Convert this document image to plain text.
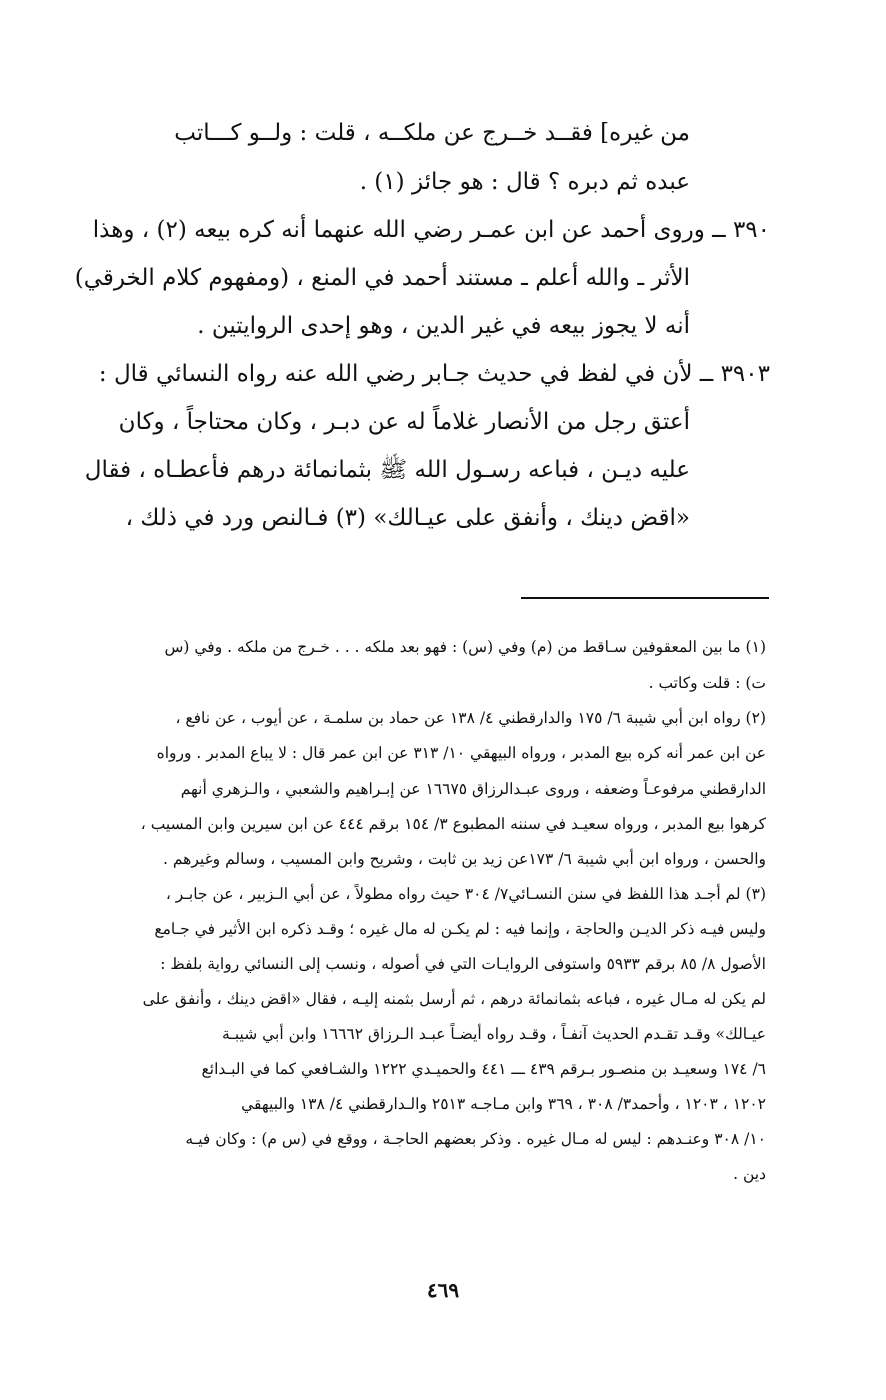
من غيره] فقــد خــرج عن ملكــه ، قلت : ولــو كـــاتب
عبده ثم دبره ؟ قال : هو جائز (١) .
٣٩٠ ــ وروى أحمد عن ابن عمـر رضي الله عنهما أنه كره بيعه (٢) ، وهذا
الأثر ـ والله أعلم ـ مستند أحمد في المنع ، (ومفهوم كلام الخرقي)
أنه لا يجوز بيعه في غير الدين ، وهو إحدى الروايتين .
٣٩٠٣ ــ لأن في لفظ في حديث جـابر رضي الله عنه رواه النسائي قال :
أعتق رجل من الأنصار غلاماً له عن دبـر ، وكان محتاجاً ، وكان
عليه ديـن ، فباعه رسـول الله ﷺ بثمانمائة درهم فأعطـاه ، فقال
«اقض دينك ، وأنفق على عيـالك» (٣) فـالنص ورد في ذلك ،
(١) ما بين المعقوفين سـاقط من (م) وفي (س) : فهو بعد ملكه . . . خـرج من ملكه . وفي (س
ت) : قلت وكاتب .
(٢) رواه ابن أبي شيبة ٦/ ١٧٥ والدارقطني ٤/ ١٣٨ عن حماد بن سلمـة ، عن أيوب ، عن نافع ،
عن ابن عمر أنه كره بيع المدبر ، ورواه البيهقي ١٠/ ٣١٣ عن ابن عمر قال : لا يباع المدبر . ورواه
الدارقطني مرفوعـاً وضعفه ، وروى عبـدالرزاق ١٦٦٧٥ عن إبـراهيم والشعبي ، والـزهري أنهم
كرهوا بيع المدبر ، ورواه سعيـد في سننه المطبوع ٣/ ١٥٤ برقم ٤٤٤ عن ابن سيرين وابن المسيب ،
والحسن ، ورواه ابن أبي شيبة ٦/ ١٧٣عن زيد بن ثابت ، وشريح وابن المسيب ، وسالم وغيرهم .
(٣) لم أجـد هذا اللفظ في سنن النسـائي٧/ ٣٠٤ حيث رواه مطولاً ، عن أبي الـزبير ، عن جابـر ،
وليس فيـه ذكر الديـن والحاجة ، وإنما فيه : لم يكـن له مال غيره ؛ وقـد ذكره ابن الأثير في جـامع
الأصول ٨/ ٨٥ برقم ٥٩٣٣ واستوفى الروايـات التي في أصوله ، ونسب إلى النسائي رواية بلفظ :
لم يكن له مـال غيره ، فباعه بثمانمائة درهم ، ثم أرسل بثمنه إليـه ، فقال «اقض دينك ، وأنفق على
عيـالك» وقـد تقـدم الحديث آنفـاً ، وقـد رواه أيضـاً عبـد الـرزاق ١٦٦٦٢ وابن أبي شيبـة
٦/ ١٧٤ وسعيـد بن منصـور بـرقم ٤٣٩ ـــ ٤٤١ والحميـدي ١٢٢٢ والشـافعي كما في البـدائع
١٢٠٢ ، ١٢٠٣ ، وأحمد٣/ ٣٠٨ ، ٣٦٩ وابن مـاجـه ٢٥١٣ والـدارقطني ٤/ ١٣٨ والبيهقي
١٠/ ٣٠٨ وعنـدهم : ليس له مـال غيره . وذكر بعضهم الحاجـة ، ووقع في (س م) : وكان فيـه
دين .
٤٦٩
